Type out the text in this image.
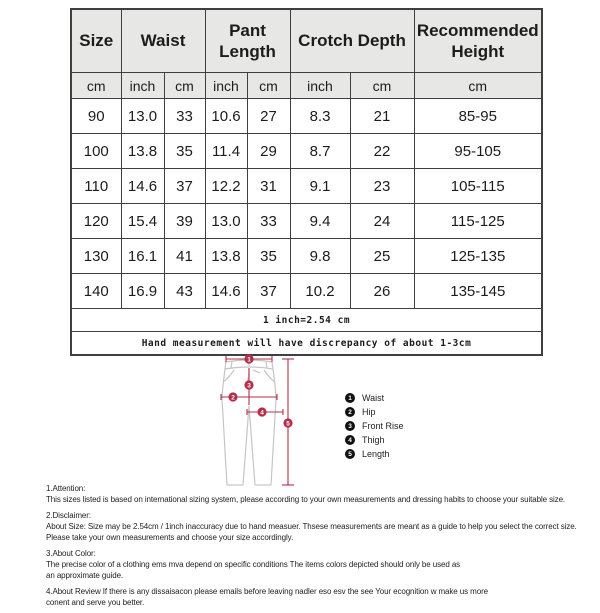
Size	Waist		Pant Length		Crotch Depth		Recommended Height
cm	inch	cm	inch	cm	inch	cm	cm
90	13.0	33	10.6	27	8.3	21	85-95
100	13.8	35	11.4	29	8.7	22	95-105
110	14.6	37	12.2	31	9.1	23	105-115
120	15.4	39	13.0	33	9.4	24	115-125
130	16.1	41	13.8	35	9.8	25	125-135
140	16.9	43	14.6	37	10.2	26	135-145
1 inch=2.54 cm							
Hand measurement will have discrepancy of about 1-3cm							
1
2
3
4
5
1	Waist
2	Hip
3	Front Rise
4	Thigh
5	Length
1.Attention:
This sizes listed is based on international sizing system, please according to your own measurements and dressing habits to choose your suitable size.
2.Disclaimer:
About Size: Size may be 2.54cm / 1inch inaccuracy due to hand measuer. Thsese measurements are meant as a guide to help you select the correct size.
Please take your own measurements and choose your size accordingly.
3.About Color:
The precise color of a clothing ems mva depend on specific conditions The items colors depicted should only be used as
an approximate guide.
4.About Review If there is any dissaisacon please emails before leaving nadler eso esv the see Your ecognition w make us more
conent and serve you better.
